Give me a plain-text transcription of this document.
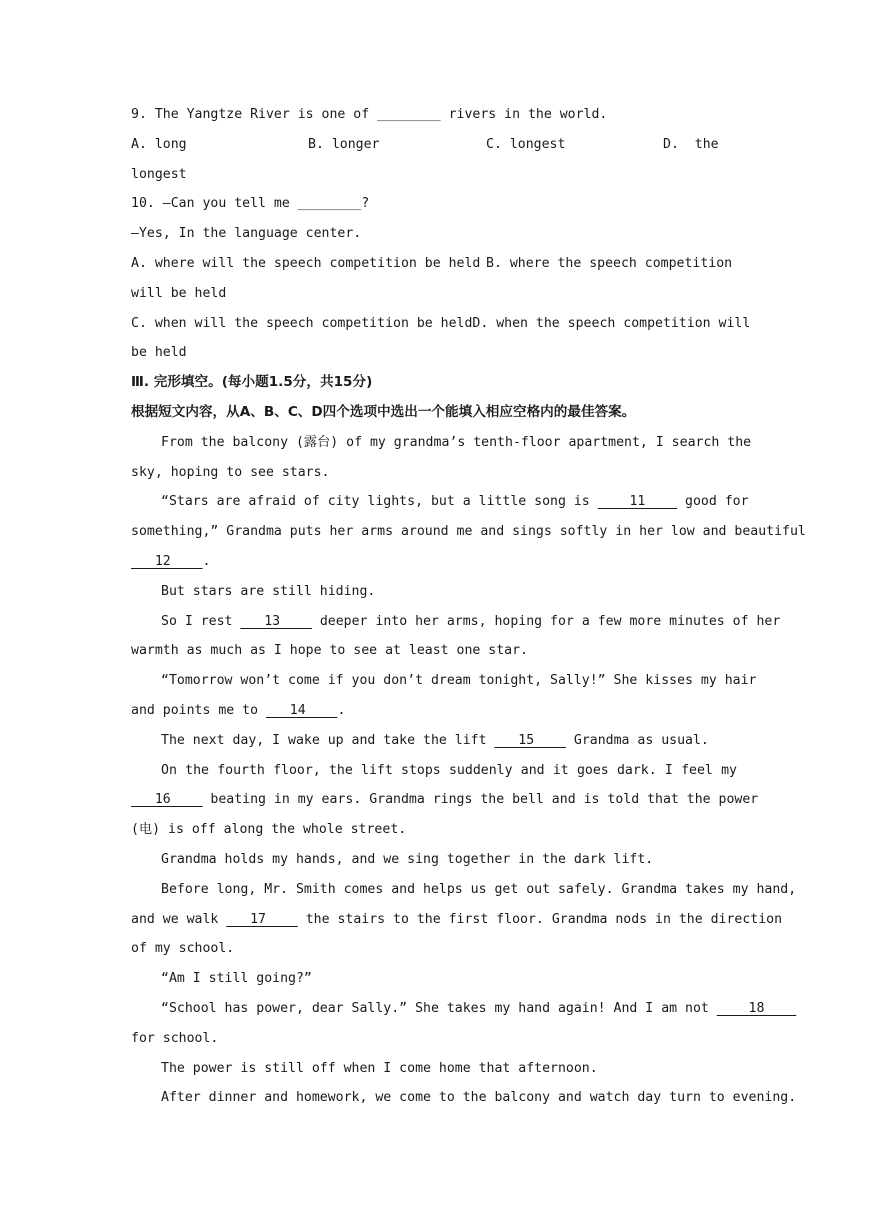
9. The Yangtze River is one of ________ rivers in the world.
A. long	B. longer	C. longest	D.  the
longest
10. —Can you tell me ________?
—Yes, In the language center.
A. where will the speech competition be held B. where the speech competition
will be held
C. when will the speech competition be held D. when the speech competition will
be held
Ⅲ. 完形填空。(每小题1.5分，共15分)
根据短文内容，从A、B、C、D四个选项中选出一个能填入相应空格内的最佳答案。
From the balcony (露台) of my grandma’s tenth-floor apartment, I search the
sky, hoping to see stars.
“Stars are afraid of city lights, but a little song is     11     good for
something,” Grandma puts her arms around me and sings softly in her low and beautiful
12    .
But stars are still hiding.
So I rest    13     deeper into her arms, hoping for a few more minutes of her
warmth as much as I hope to see at least one star.
“Tomorrow won’t come if you don’t dream tonight, Sally!” She kisses my hair
and points me to    14    .
The next day, I wake up and take the lift    15     Grandma as usual.
On the fourth floor, the lift stops suddenly and it goes dark. I feel my
16     beating in my ears. Grandma rings the bell and is told that the power
(电) is off along the whole street.
Grandma holds my hands, and we sing together in the dark lift.
Before long, Mr. Smith comes and helps us get out safely. Grandma takes my hand,
and we walk    17     the stairs to the first floor. Grandma nods in the direction
of my school.
“Am I still going?”
“School has power, dear Sally.” She takes my hand again! And I am not     18
for school.
The power is still off when I come home that afternoon.
After dinner and homework, we come to the balcony and watch day turn to evening.
